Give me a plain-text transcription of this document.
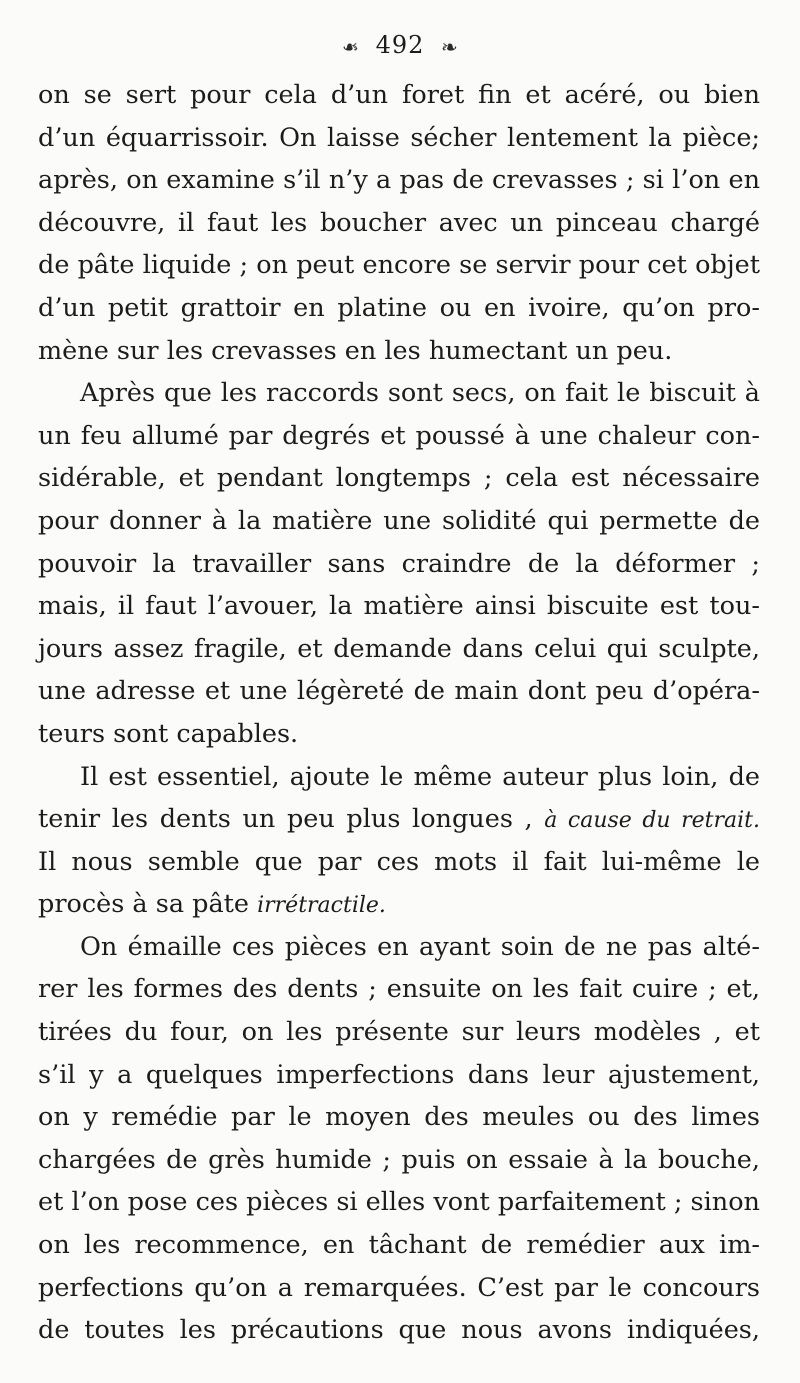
❧ 492 ❧
on se sert pour cela d’un foret fin et acéré, ou bien
d’un équarrissoir. On laisse sécher lentement la pièce;
après, on examine s’il n’y a pas de crevasses ; si l’on en
découvre, il faut les boucher avec un pinceau chargé
de pâte liquide ; on peut encore se servir pour cet objet
d’un petit grattoir en platine ou en ivoire, qu’on pro-
mène sur les crevasses en les humectant un peu.
Après que les raccords sont secs, on fait le biscuit à
un feu allumé par degrés et poussé à une chaleur con-
sidérable, et pendant longtemps ; cela est nécessaire
pour donner à la matière une solidité qui permette de
pouvoir la travailler sans craindre de la déformer ;
mais, il faut l’avouer, la matière ainsi biscuite est tou-
jours assez fragile, et demande dans celui qui sculpte,
une adresse et une légèreté de main dont peu d’opéra-
teurs sont capables.
Il est essentiel, ajoute le même auteur plus loin, de
tenir les dents un peu plus longues , à cause du retrait.
Il nous semble que par ces mots il fait lui-même le
procès à sa pâte irrétractile.
On émaille ces pièces en ayant soin de ne pas alté-
rer les formes des dents ; ensuite on les fait cuire ; et,
tirées du four, on les présente sur leurs modèles , et
s’il y a quelques imperfections dans leur ajustement,
on y remédie par le moyen des meules ou des limes
chargées de grès humide ; puis on essaie à la bouche,
et l’on pose ces pièces si elles vont parfaitement ; sinon
on les recommence, en tâchant de remédier aux im-
perfections qu’on a remarquées. C’est par le concours
de toutes les précautions que nous avons indiquées,
